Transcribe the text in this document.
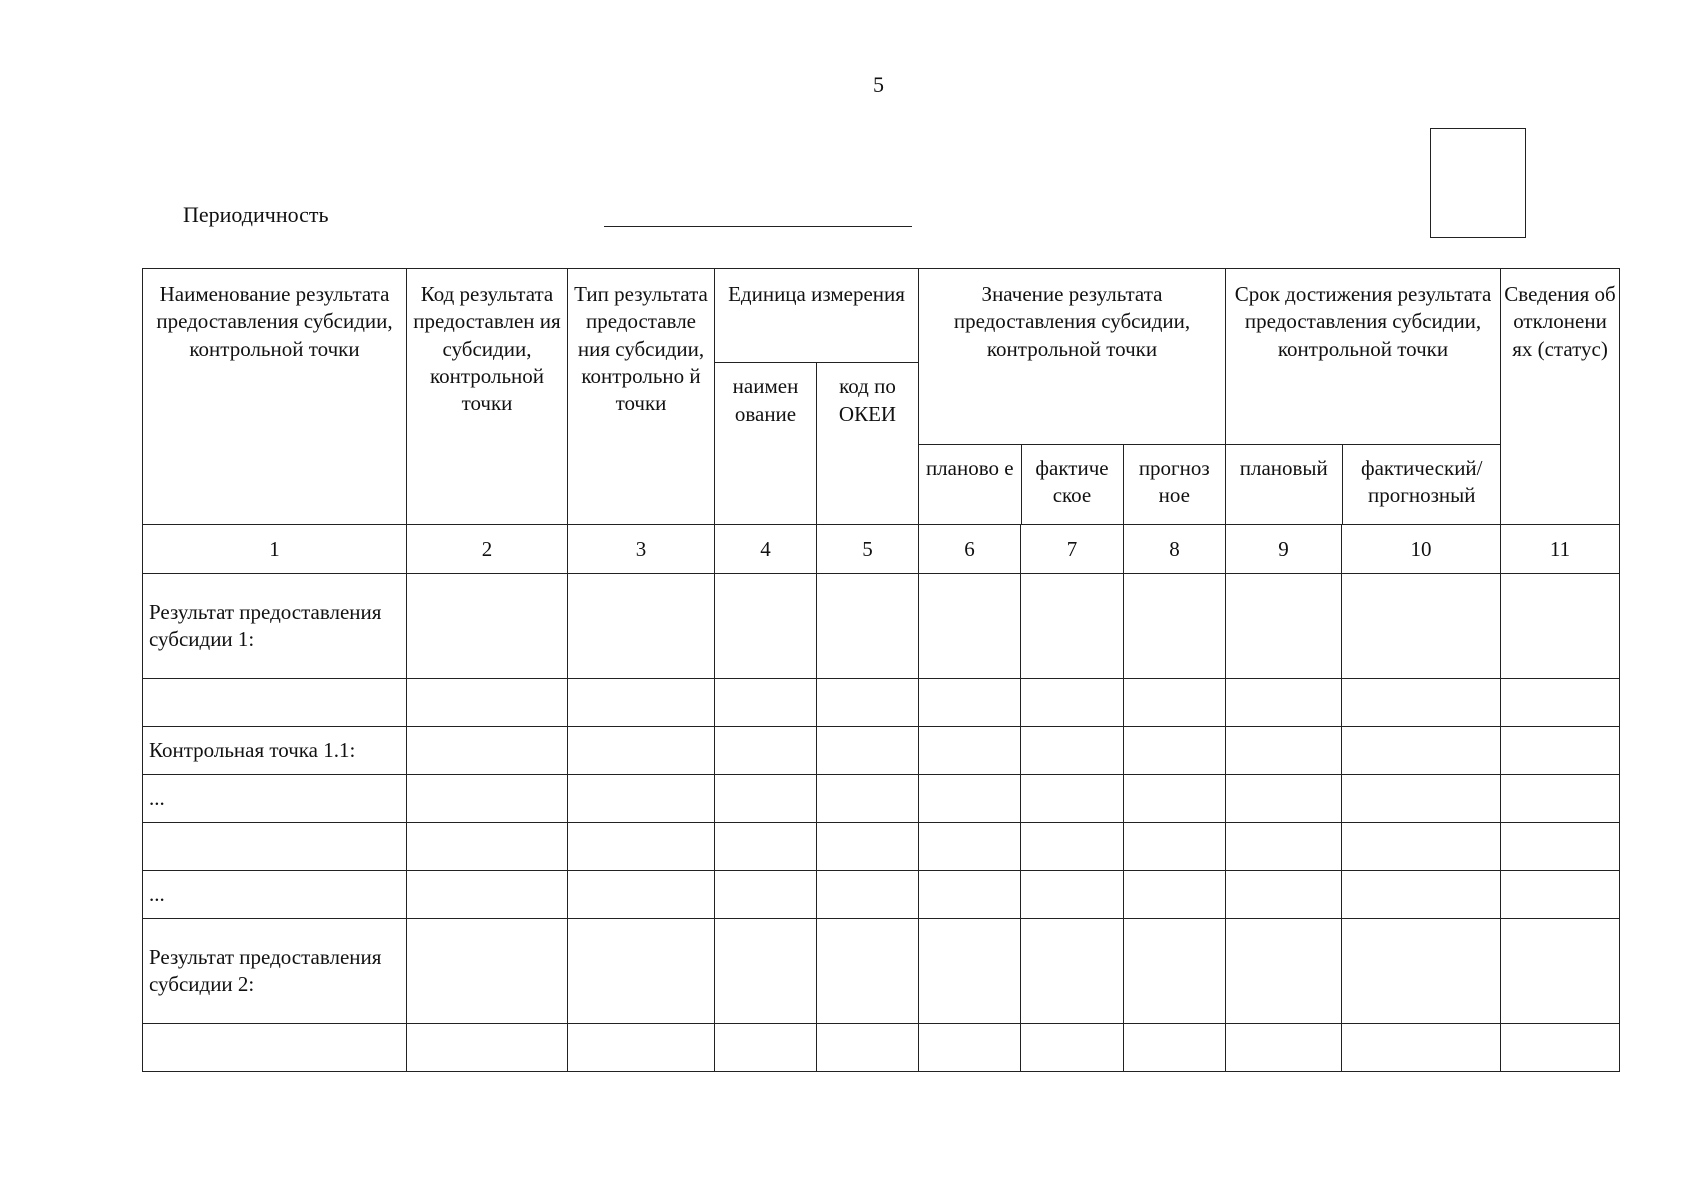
5
Периодичность
Наименование результата предоставления субсидии, контрольной точки	Код результата предоставлен ия субсидии, контрольной точки	Тип результата предоставле ния субсидии, контрольно й точки	Единица измерения	Значение результата предоставления субсидии, контрольной точки	Срок достижения результата предоставления субсидии, контрольной точки	Сведения об отклонени ях (статус)
наимен ование	код по ОКЕИ	

планово е	фактиче ское	прогноз ное

плановый	фактический/ прогнозный

1	2	3	4	5	6	7	8	9	10	11
Результат предоставления субсидии 1:										

Контрольная точка 1.1:										
...										

...										
Результат предоставления субсидии 2:										
